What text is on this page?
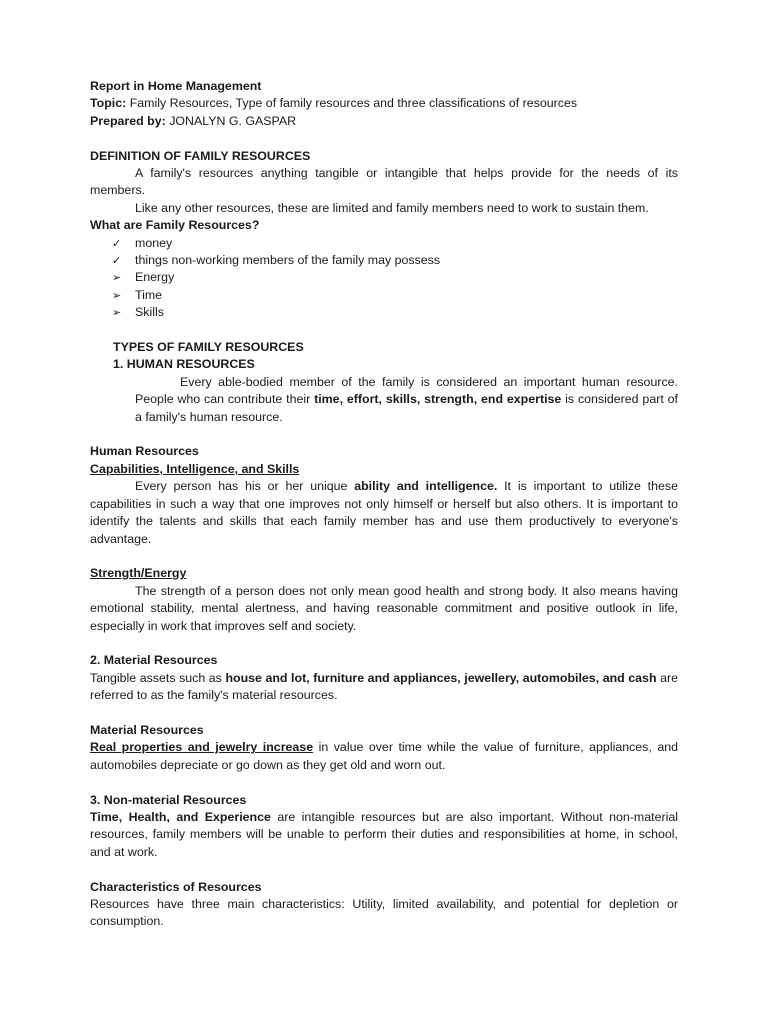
Report in Home Management

Topic: Family Resources, Type of family resources and three classifications of resources

Prepared by: JONALYN G. GASPAR

DEFINITION OF FAMILY RESOURCES

A family's resources anything tangible or intangible that helps provide for the needs of its members.

Like any other resources, these are limited and family members need to work to sustain them.

What are Family Resources?

✓	money
✓	things non-working members of the family may possess
➢	Energy
➢	Time
➢	Skills

TYPES OF FAMILY RESOURCES

1. HUMAN RESOURCES

Every able-bodied member of the family is considered an important human resource. People who can contribute their time, effort, skills, strength, end expertise is considered part of a family's human resource.

Human Resources

Capabilities, Intelligence, and Skills

Every person has his or her unique ability and intelligence. It is important to utilize these capabilities in such a way that one improves not only himself or herself but also others. It is important to identify the talents and skills that each family member has and use them productively to everyone's advantage.

Strength/Energy

The strength of a person does not only mean good health and strong body. It also means having emotional stability, mental alertness, and having reasonable commitment and positive outlook in life, especially in work that improves self and society.

2. Material Resources

Tangible assets such as house and lot, furniture and appliances, jewellery, automobiles, and cash are referred to as the family's material resources.

Material Resources

Real properties and jewelry increase in value over time while the value of furniture, appliances, and automobiles depreciate or go down as they get old and worn out.

3. Non-material Resources

Time, Health, and Experience are intangible resources but are also important. Without non-material resources, family members will be unable to perform their duties and responsibilities at home, in school, and at work.

Characteristics of Resources

Resources have three main characteristics: Utility, limited availability, and potential for depletion or consumption.
